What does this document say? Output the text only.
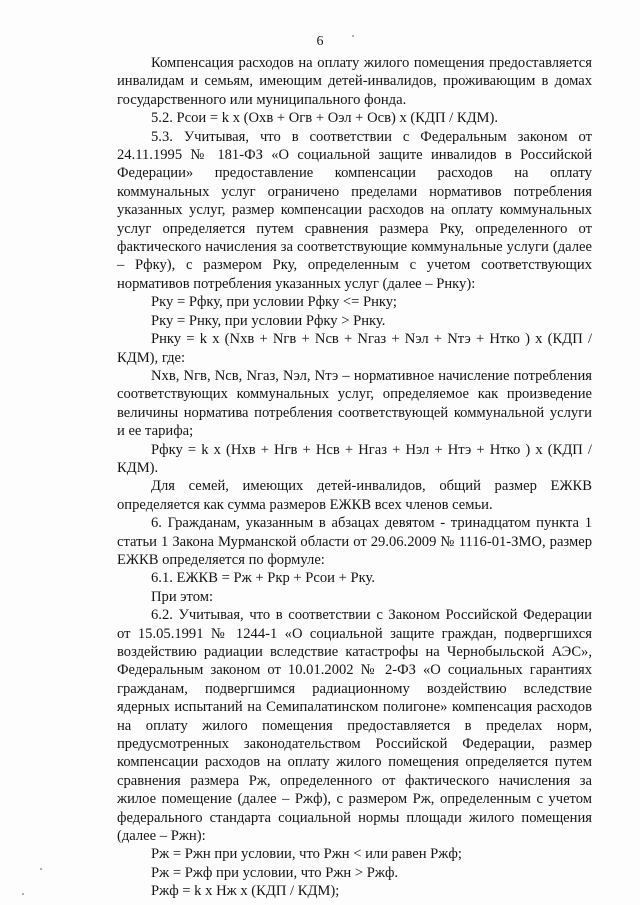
6

Компенсация расходов на оплату жилого помещения предоставляется инвалидам и семьям, имеющим детей-инвалидов, проживающим в домах государственного или муниципального фонда.

5.2. Рсои = k x (Охв + Огв + Оэл + Осв) x (КДП / КДМ).

5.3. Учитывая, что в соответствии с Федеральным законом от 24.11.1995 № 181-ФЗ «О социальной защите инвалидов в Российской Федерации» предоставление компенсации расходов на оплату коммунальных услуг ограничено пределами нормативов потребления указанных услуг, размер компенсации расходов на оплату коммунальных услуг определяется путем сравнения размера Рку, определенного от фактического начисления за соответствующие коммунальные услуги (далее – Рфку), с размером Рку, определенным с учетом соответствующих нормативов потребления указанных услуг (далее – Рнку):

Рку = Рфку, при условии Рфку <= Рнку;

Рку = Рнку, при условии Рфку > Рнку.

Рнку = k x (Nхв + Nгв + Nсв + Nгаз + Nэл + Nтэ + Нтко ) x (КДП / КДМ), где:

Nхв, Nгв, Nсв, Nгаз, Nэл, Nтэ – нормативное начисление потребления соответствующих коммунальных услуг, определяемое как произведение величины норматива потребления соответствующей коммунальной услуги и ее тарифа;

Рфку = k x (Нхв + Нгв + Нсв + Нгаз + Нэл + Нтэ + Нтко ) x (КДП / КДМ).

Для семей, имеющих детей-инвалидов, общий размер ЕЖКВ определяется как сумма размеров ЕЖКВ всех членов семьи.

6. Гражданам, указанным в абзацах девятом - тринадцатом пункта 1 статьи 1 Закона Мурманской области от 29.06.2009 № 1116-01-ЗМО, размер ЕЖКВ определяется по формуле:

6.1. ЕЖКВ = Рж + Ркр + Рсои + Рку.

При этом:

6.2. Учитывая, что в соответствии с Законом Российской Федерации от 15.05.1991 № 1244-1 «О социальной защите граждан, подвергшихся воздействию радиации вследствие катастрофы на Чернобыльской АЭС», Федеральным законом от 10.01.2002 № 2-ФЗ «О социальных гарантиях гражданам, подвергшимся радиационному воздействию вследствие ядерных испытаний на Семипалатинском полигоне» компенсация расходов на оплату жилого помещения предоставляется в пределах норм, предусмотренных законодательством Российской Федерации, размер компенсации расходов на оплату жилого помещения определяется путем сравнения размера Рж, определенного от фактического начисления за жилое помещение (далее – Ржф), с размером Рж, определенным с учетом федерального стандарта социальной нормы площади жилого помещения (далее – Ржн):

Рж = Ржн при условии, что Ржн < или равен Ржф;

Рж = Ржф при условии, что Ржн > Ржф.

Ржф = k x Нж x (КДП / КДМ);
